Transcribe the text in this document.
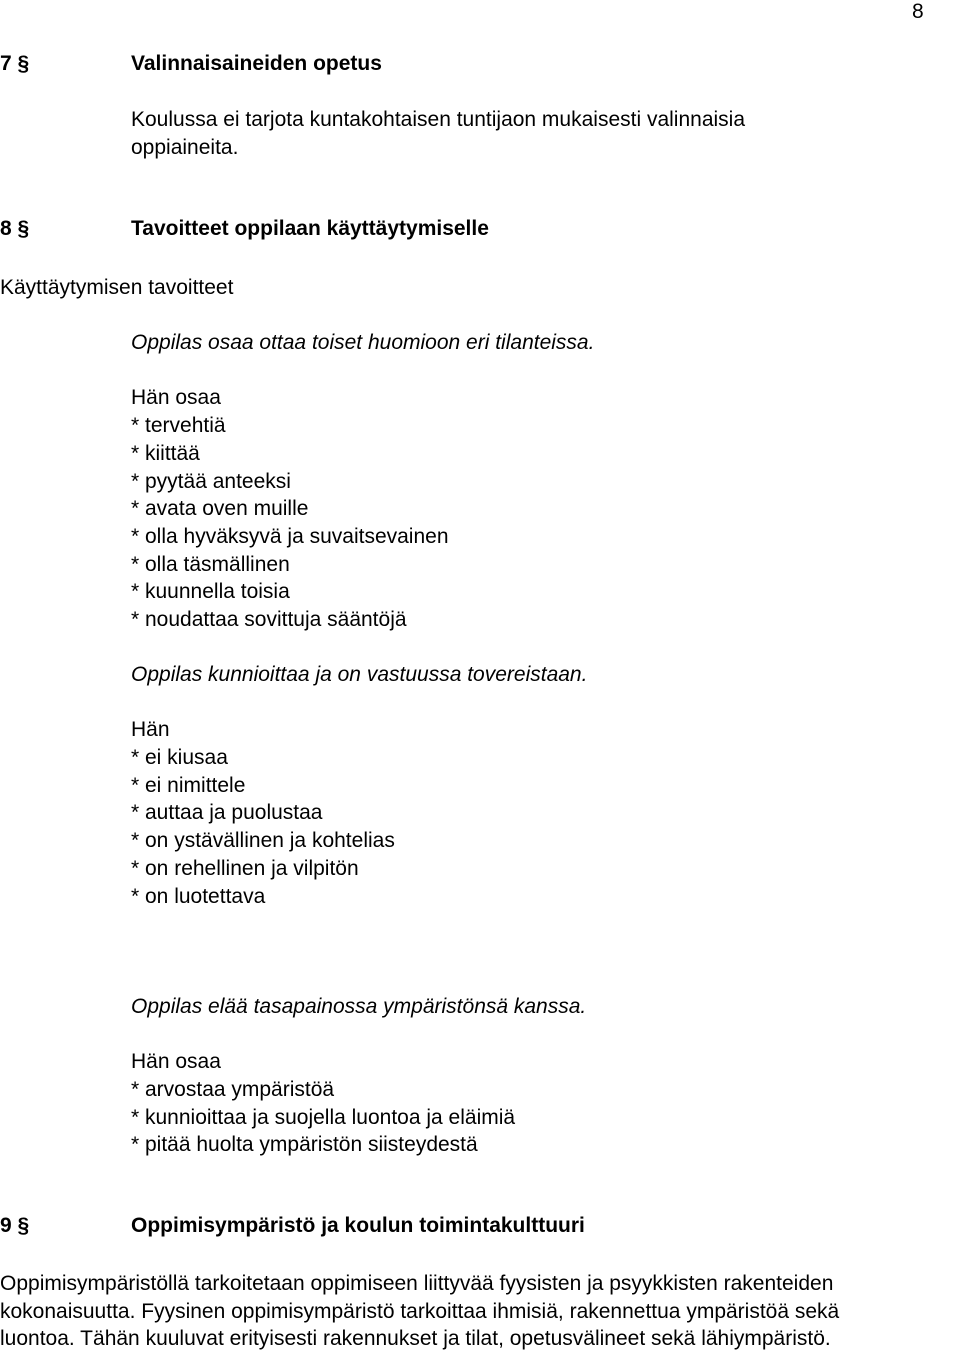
8
7 §	Valinnaisaineiden opetus
Koulussa ei tarjota kuntakohtaisen tuntijaon mukaisesti valinnaisia
oppiaineita.
8 §	Tavoitteet oppilaan käyttäytymiselle
Käyttäytymisen tavoitteet
Oppilas osaa ottaa toiset huomioon eri tilanteissa.
Hän osaa
* tervehtiä
* kiittää
* pyytää anteeksi
* avata oven muille
* olla hyväksyvä ja suvaitsevainen
* olla täsmällinen
* kuunnella toisia
* noudattaa sovittuja sääntöjä
Oppilas kunnioittaa ja on vastuussa tovereistaan.
Hän
* ei kiusaa
* ei nimittele
* auttaa ja puolustaa
* on ystävällinen ja kohtelias
* on rehellinen ja vilpitön
* on luotettava
Oppilas elää tasapainossa ympäristönsä kanssa.
Hän osaa
* arvostaa ympäristöä
* kunnioittaa ja suojella luontoa ja eläimiä
* pitää huolta ympäristön siisteydestä
9 §	Oppimisympäristö ja koulun toimintakulttuuri
Oppimisympäristöllä tarkoitetaan oppimiseen liittyvää fyysisten ja psyykkisten rakenteiden
kokonaisuutta. Fyysinen oppimisympäristö tarkoittaa ihmisiä, rakennettua ympäristöä sekä
luontoa. Tähän kuuluvat erityisesti rakennukset ja tilat, opetusvälineet sekä lähiympäristö.
